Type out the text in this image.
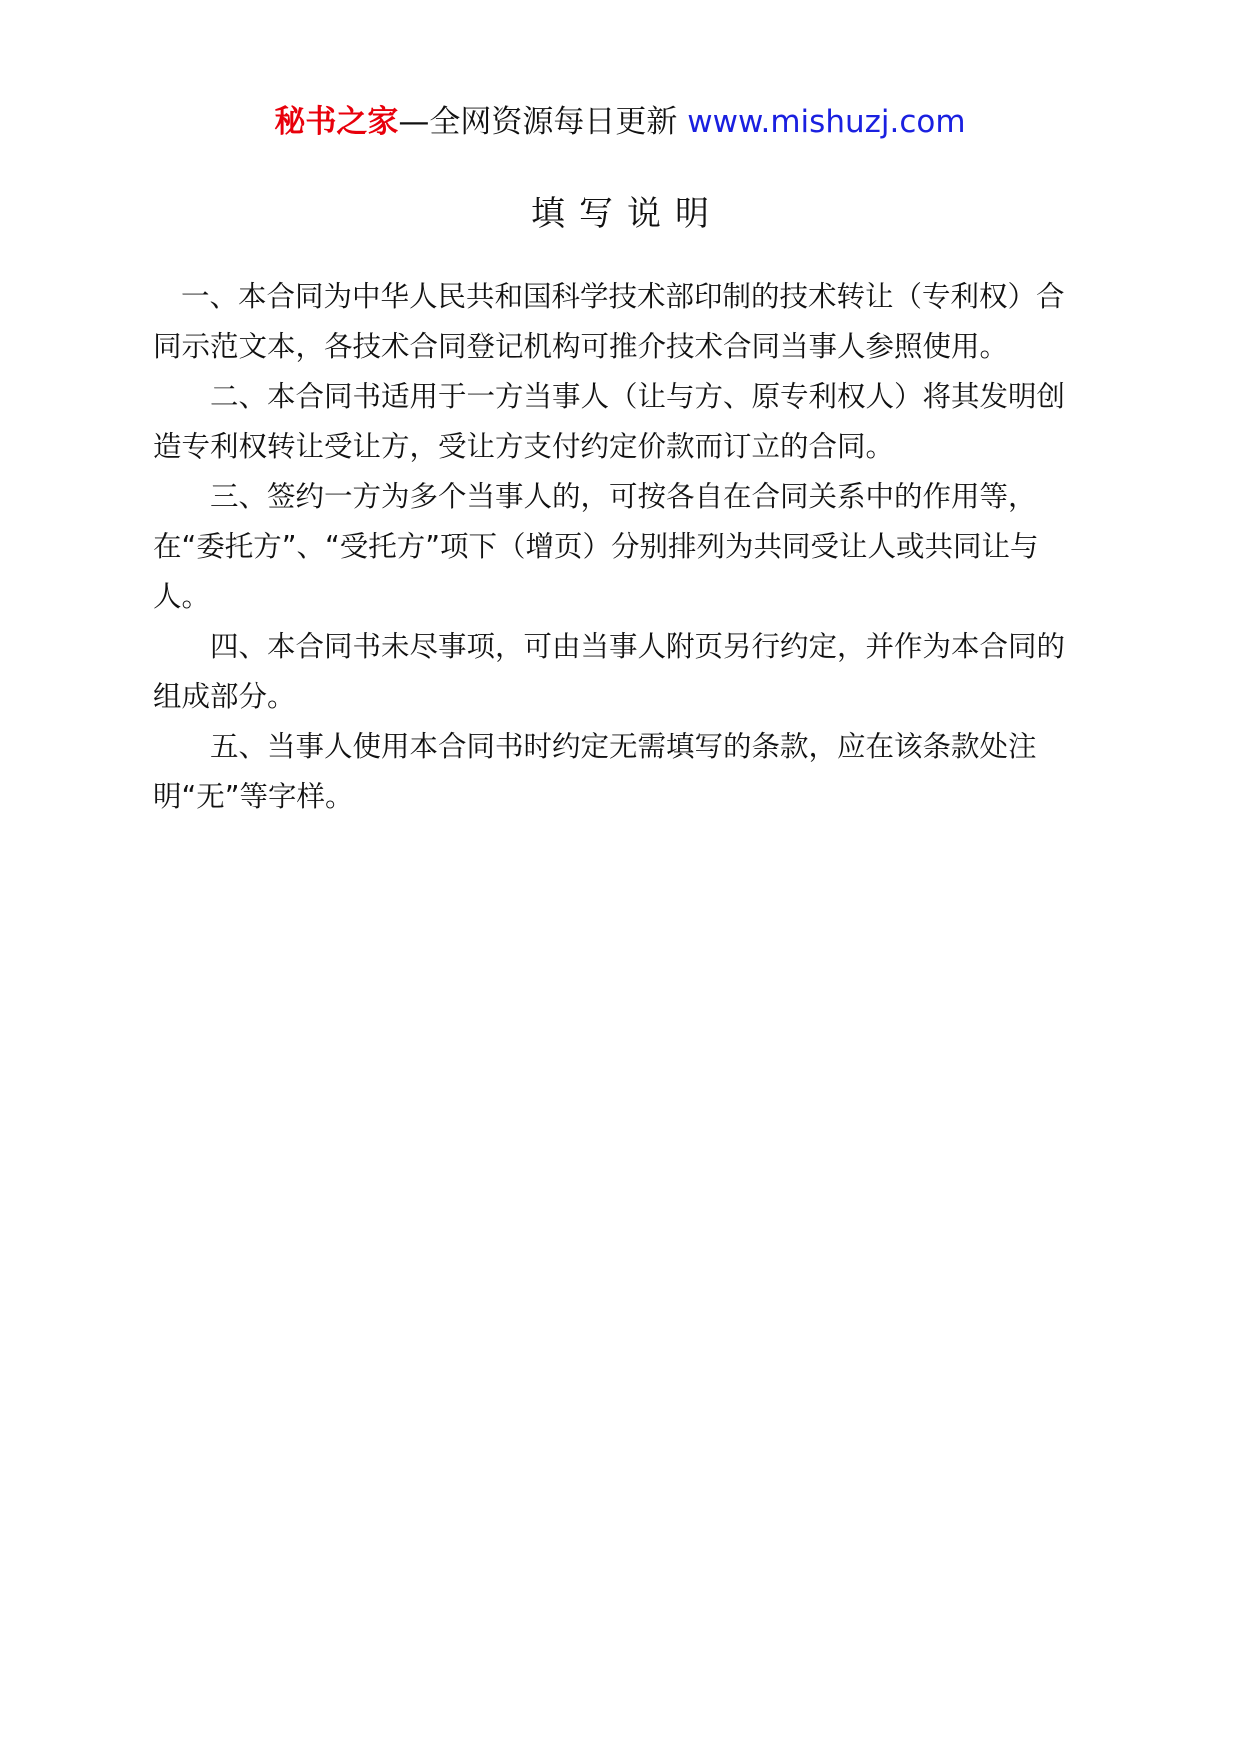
秘书之家—全网资源每日更新 www.mishuzj.com
填写说明

一、本合同为中华人民共和国科学技术部印制的技术转让（专利权）合同示范文本，各技术合同登记机构可推介技术合同当事人参照使用。

二、本合同书适用于一方当事人（让与方、原专利权人）将其发明创造专利权转让受让方，受让方支付约定价款而订立的合同。

三、签约一方为多个当事人的，可按各自在合同关系中的作用等，在“委托方”、“受托方”项下（增页）分别排列为共同受让人或共同让与人。

四、本合同书未尽事项，可由当事人附页另行约定，并作为本合同的组成部分。

五、当事人使用本合同书时约定无需填写的条款，应在该条款处注明“无”等字样。
